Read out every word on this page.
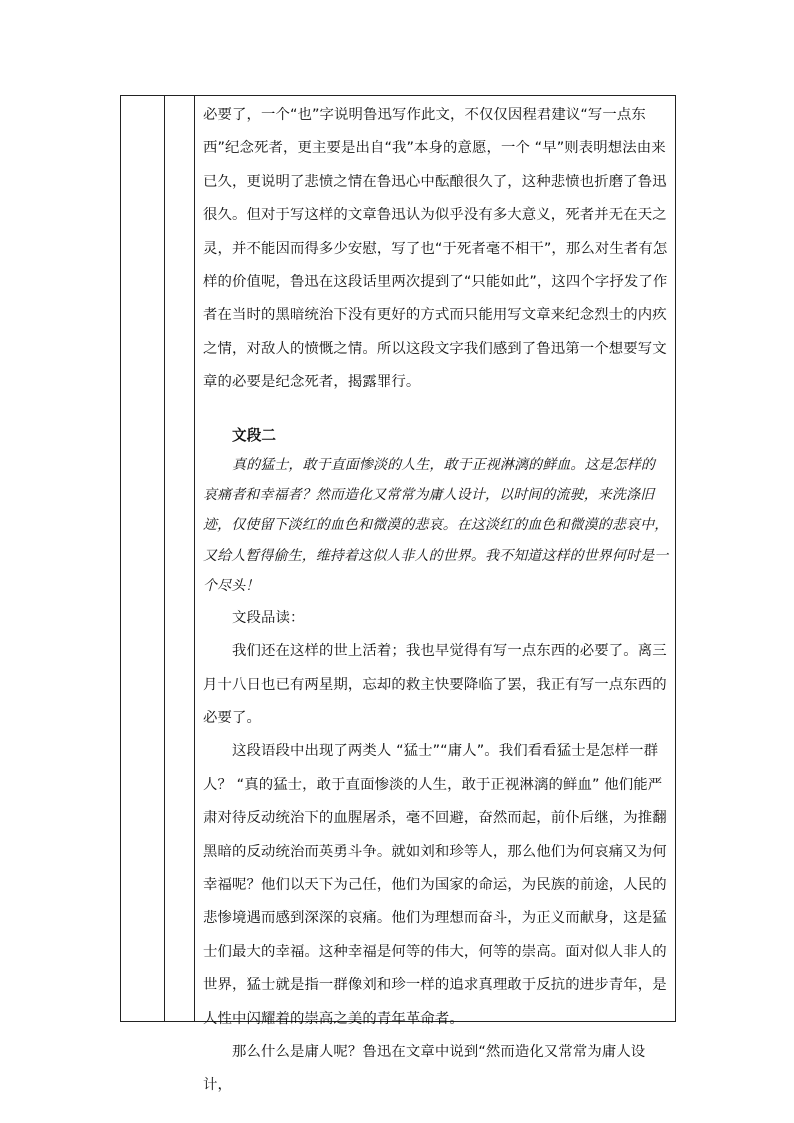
必要了，一个“也”字说明鲁迅写作此文，不仅仅因程君建议“写一点东西”纪念死者，更主要是出自“我”本身的意愿，一个 “早”则表明想法由来已久，更说明了悲愤之情在鲁迅心中酝酿很久了，这种悲愤也折磨了鲁迅很久。但对于写这样的文章鲁迅认为似乎没有多大意义，死者并无在天之灵，并不能因而得多少安慰，写了也“于死者毫不相干”，那么对生者有怎样的价值呢，鲁迅在这段话里两次提到了“只能如此”，这四个字抒发了作者在当时的黑暗统治下没有更好的方式而只能用写文章来纪念烈士的内疚之情，对敌人的愤慨之情。所以这段文字我们感到了鲁迅第一个想要写文章的必要是纪念死者，揭露罪行。

文段二

真的猛士，敢于直面惨淡的人生，敢于正视淋漓的鲜血。这是怎样的哀痛者和幸福者？然而造化又常常为庸人设计，以时间的流驶，来洗涤旧迹，仅使留下淡红的血色和微漠的悲哀。在这淡红的血色和微漠的悲哀中，又给人暂得偷生，维持着这似人非人的世界。我不知道这样的世界何时是一个尽头！

文段品读：

我们还在这样的世上活着；我也早觉得有写一点东西的必要了。离三月十八日也已有两星期，忘却的救主快要降临了罢，我正有写一点东西的必要了。

这段语段中出现了两类人 “猛士”“庸人”。我们看看猛士是怎样一群人？ “真的猛士，敢于直面惨淡的人生，敢于正视淋漓的鲜血” 他们能严肃对待反动统治下的血腥屠杀，毫不回避，奋然而起，前仆后继，为推翻黑暗的反动统治而英勇斗争。就如刘和珍等人，那么他们为何哀痛又为何幸福呢？他们以天下为己任，他们为国家的命运，为民族的前途，人民的悲惨境遇而感到深深的哀痛。他们为理想而奋斗，为正义而献身，这是猛士们最大的幸福。这种幸福是何等的伟大，何等的崇高。面对似人非人的世界，猛士就是指一群像刘和珍一样的追求真理敢于反抗的进步青年，是人性中闪耀着的崇高之美的青年革命者。

那么什么是庸人呢？鲁迅在文章中说到“然而造化又常常为庸人设计，
